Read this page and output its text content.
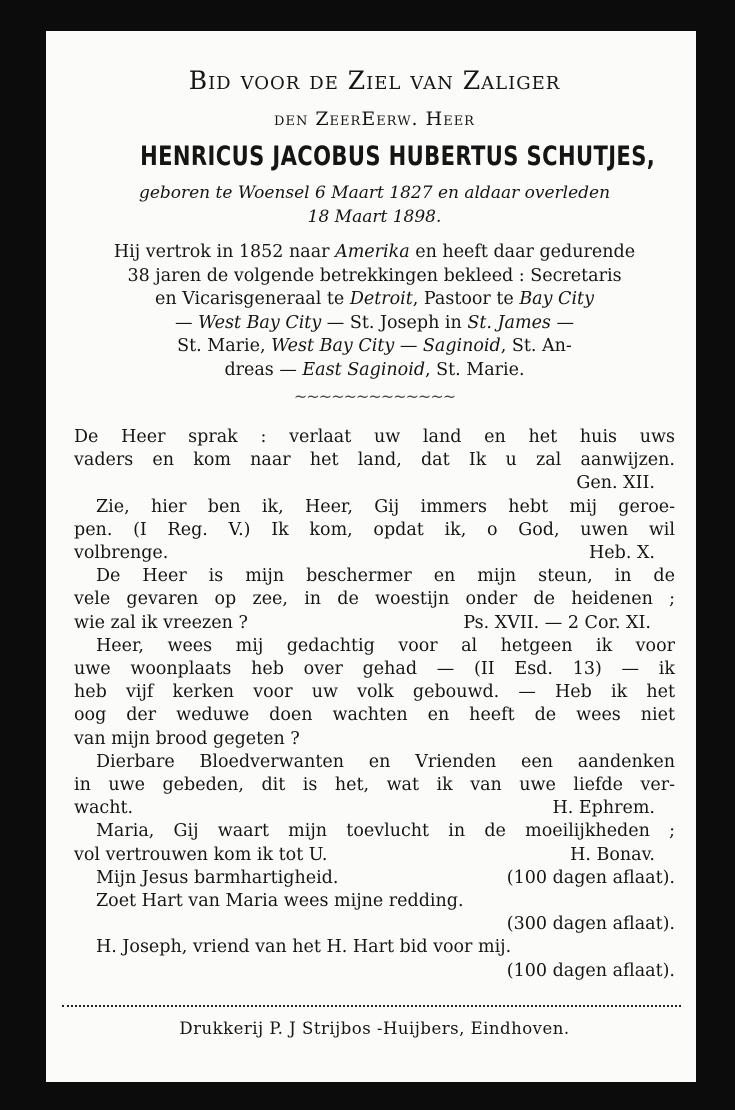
Bid voor de Ziel van Zaliger
den ZeerEerw. Heer
HENRICUS JACOBUS HUBERTUS SCHUTJES,
geboren te Woensel 6 Maart 1827 en aldaar overleden
18 Maart 1898.
Hij vertrok in 1852 naar Amerika en heeft daar gedurende
38 jaren de volgende betrekkingen bekleed : Secretaris
en Vicarisgeneraal te Detroit, Pastoor te Bay City
— West Bay City — St. Joseph in St. James —
St. Marie, West Bay City — Saginoid, St. An-
dreas — East Saginoid, St. Marie.
~~~~~~~~~~~~~
De Heer sprak : verlaat uw land en het huis uws
vaders en kom naar het land, dat Ik u zal aanwijzen.
Gen. XII.
Zie, hier ben ik, Heer, Gij immers hebt mij geroe-
pen. (I Reg. V.) Ik kom, opdat ik, o God, uwen wil
volbrenge.	Heb. X.
De Heer is mijn beschermer en mijn steun, in de
vele gevaren op zee, in de woestijn onder de heidenen ;
wie zal ik vreezen ?	Ps. XVII. — 2 Cor. XI.
Heer, wees mij gedachtig voor al hetgeen ik voor
uwe woonplaats heb over gehad — (II Esd. 13) — ik
heb vijf kerken voor uw volk gebouwd. — Heb ik het
oog der weduwe doen wachten en heeft de wees niet
van mijn brood gegeten ?
Dierbare Bloedverwanten en Vrienden een aandenken
in uwe gebeden, dit is het, wat ik van uwe liefde ver-
wacht.	H. Ephrem.
Maria, Gij waart mijn toevlucht in de moeilijkheden ;
vol vertrouwen kom ik tot U.	H. Bonav.
Mijn Jesus barmhartigheid.	(100 dagen aflaat).
Zoet Hart van Maria wees mijne redding.
(300 dagen aflaat).
H. Joseph, vriend van het H. Hart bid voor mij.
(100 dagen aflaat).
Drukkerij P. J Strijbos -Huijbers, Eindhoven.
